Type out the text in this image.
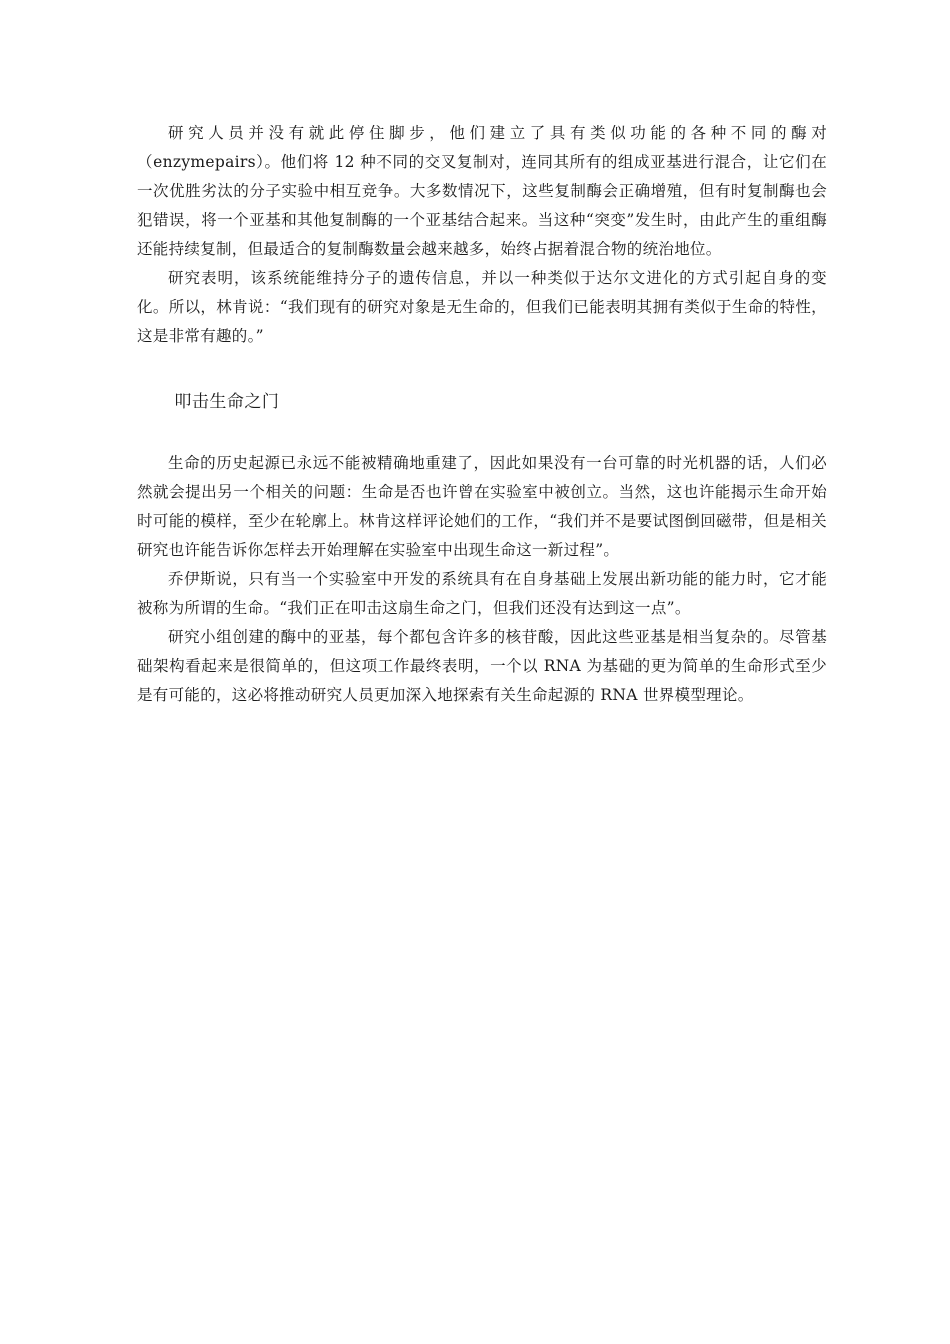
研究人员并没有就此停住脚步，他们建立了具有类似功能的各种不同的酶对（enzymepairs）。他们将 12 种不同的交叉复制对，连同其所有的组成亚基进行混合，让它们在一次优胜劣汰的分子实验中相互竞争。大多数情况下，这些复制酶会正确增殖，但有时复制酶也会犯错误，将一个亚基和其他复制酶的一个亚基结合起来。当这种“突变”发生时，由此产生的重组酶还能持续复制，但最适合的复制酶数量会越来越多，始终占据着混合物的统治地位。

研究表明，该系统能维持分子的遗传信息，并以一种类似于达尔文进化的方式引起自身的变化。所以，林肯说：“我们现有的研究对象是无生命的，但我们已能表明其拥有类似于生命的特性，这是非常有趣的。”

叩击生命之门

生命的历史起源已永远不能被精确地重建了，因此如果没有一台可靠的时光机器的话，人们必然就会提出另一个相关的问题：生命是否也许曾在实验室中被创立。当然，这也许能揭示生命开始时可能的模样，至少在轮廓上。林肯这样评论她们的工作，“我们并不是要试图倒回磁带，但是相关研究也许能告诉你怎样去开始理解在实验室中出现生命这一新过程”。

乔伊斯说，只有当一个实验室中开发的系统具有在自身基础上发展出新功能的能力时，它才能被称为所谓的生命。“我们正在叩击这扇生命之门，但我们还没有达到这一点”。

研究小组创建的酶中的亚基，每个都包含许多的核苷酸，因此这些亚基是相当复杂的。尽管基础架构看起来是很简单的，但这项工作最终表明，一个以 RNA 为基础的更为简单的生命形式至少是有可能的，这必将推动研究人员更加深入地探索有关生命起源的 RNA 世界模型理论。
